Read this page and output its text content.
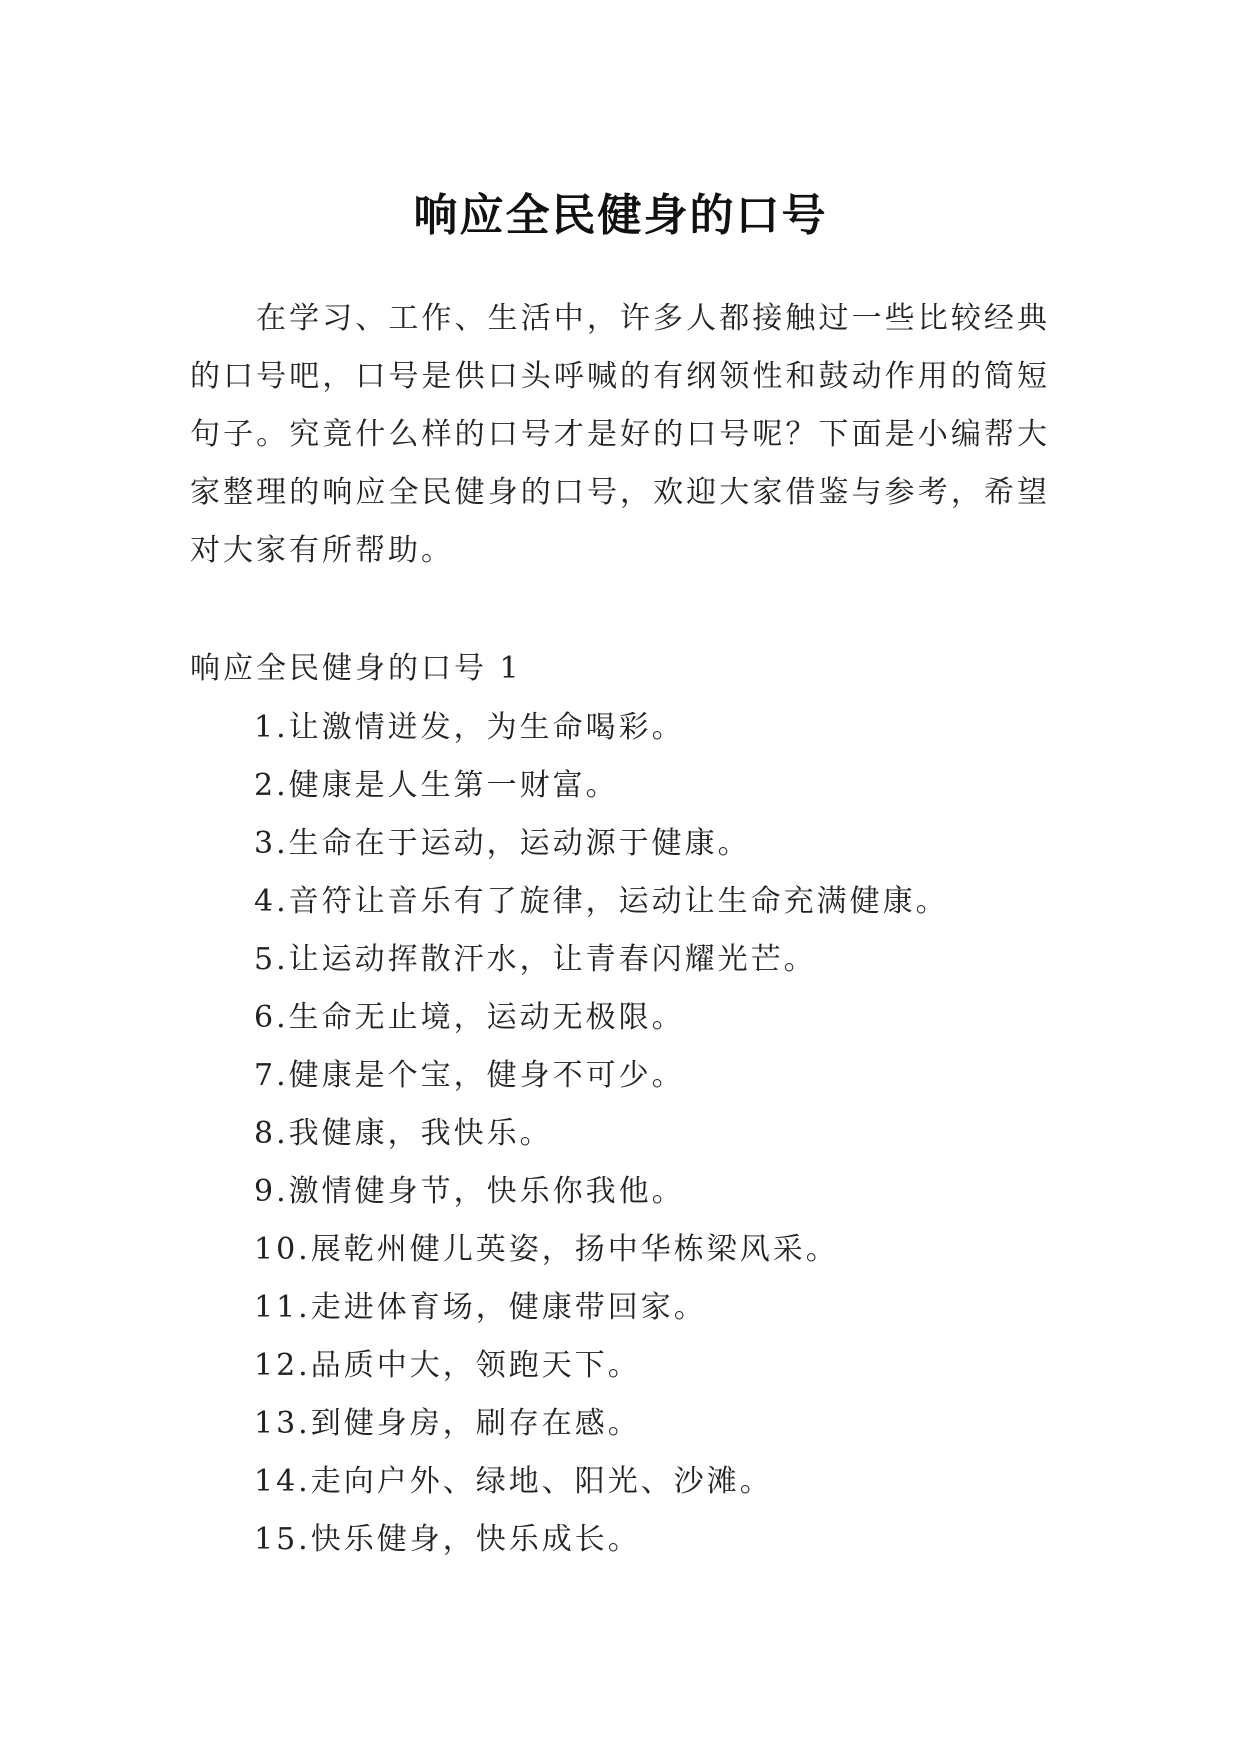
响应全民健身的口号

在学习、工作、生活中，许多人都接触过一些比较经典的口号吧，口号是供口头呼喊的有纲领性和鼓动作用的简短句子。究竟什么样的口号才是好的口号呢？下面是小编帮大家整理的响应全民健身的口号，欢迎大家借鉴与参考，希望对大家有所帮助。

响应全民健身的口号 1

1.让激情迸发，为生命喝彩。
2.健康是人生第一财富。
3.生命在于运动，运动源于健康。
4.音符让音乐有了旋律，运动让生命充满健康。
5.让运动挥散汗水，让青春闪耀光芒。
6.生命无止境，运动无极限。
7.健康是个宝，健身不可少。
8.我健康，我快乐。
9.激情健身节，快乐你我他。
10.展乾州健儿英姿，扬中华栋梁风采。
11.走进体育场，健康带回家。
12.品质中大，领跑天下。
13.到健身房，刷存在感。
14.走向户外、绿地、阳光、沙滩。
15.快乐健身，快乐成长。
